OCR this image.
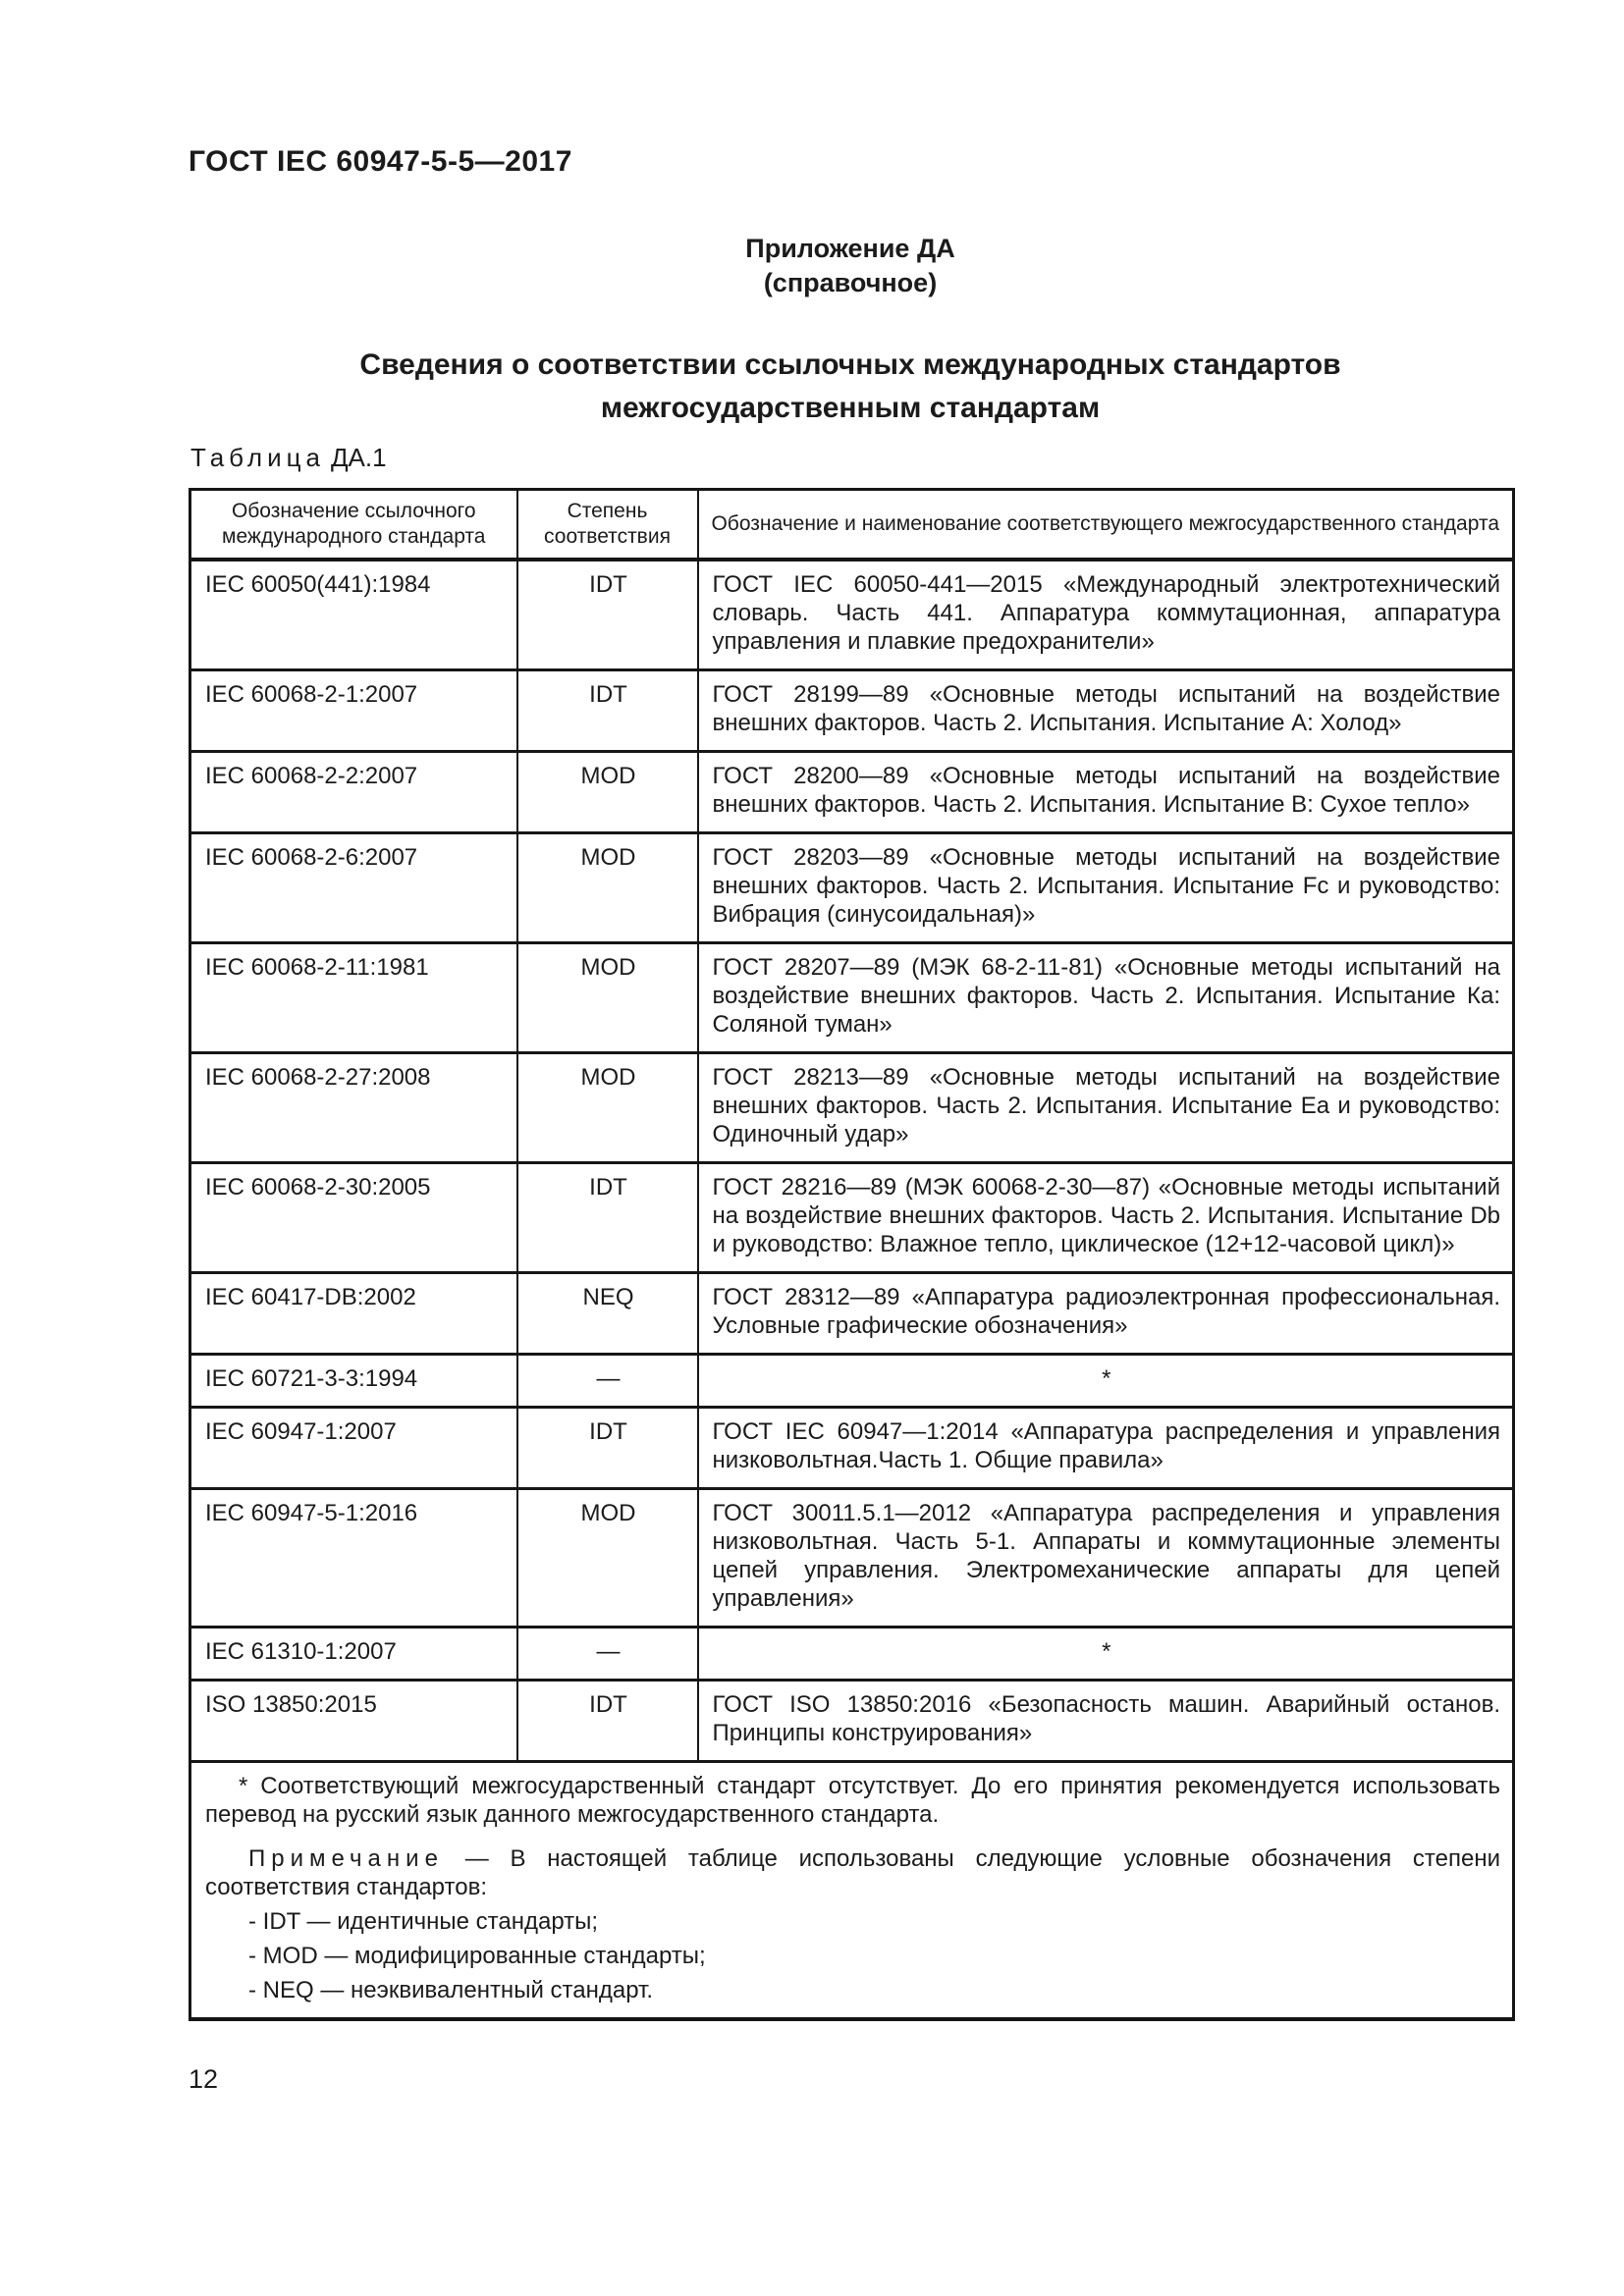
ГОСТ IEC 60947-5-5—2017
Приложение ДА
(справочное)
Сведения о соответствии ссылочных международных стандартов
межгосударственным стандартам
Таблица ДА.1
Обозначение ссылочного международного стандарта	Степень соответствия	Обозначение и наименование соответствующего межгосударственного стандарта
IEC 60050(441):1984	IDT	ГОСТ IEC 60050-441—2015 «Международный электротехнический словарь. Часть 441. Аппаратура коммутационная, аппаратура управления и плавкие предохранители»
IEC 60068-2-1:2007	IDT	ГОСТ 28199—89 «Основные методы испытаний на воздействие внешних факторов. Часть 2. Испытания. Испытание А: Холод»
IEC 60068-2-2:2007	MOD	ГОСТ 28200—89 «Основные методы испытаний на воздействие внешних факторов. Часть 2. Испытания. Испытание В: Сухое тепло»
IEC 60068-2-6:2007	MOD	ГОСТ 28203—89 «Основные методы испытаний на воздействие внешних факторов. Часть 2. Испытания. Испытание Fc и руководство: Вибрация (синусоидальная)»
IEC 60068-2-11:1981	MOD	ГОСТ 28207—89 (МЭК 68-2-11-81) «Основные методы испытаний на воздействие внешних факторов. Часть 2. Испытания. Испытание Ка: Соляной туман»
IEC 60068-2-27:2008	MOD	ГОСТ 28213—89 «Основные методы испытаний на воздействие внешних факторов. Часть 2. Испытания. Испытание Еа и руководство: Одиночный удар»
IEC 60068-2-30:2005	IDT	ГОСТ 28216—89 (МЭК 60068-2-30—87) «Основные методы испытаний на воздействие внешних факторов. Часть 2. Испытания. Испытание Db и руководство: Влажное тепло, циклическое (12+12-часовой цикл)»
IEC 60417-DB:2002	NEQ	ГОСТ 28312—89 «Аппаратура радиоэлектронная профессиональная. Условные графические обозначения»
IEC 60721-3-3:1994	—	*
IEC 60947-1:2007	IDT	ГОСТ IEC 60947—1:2014 «Аппаратура распределения и управления низковольтная.Часть 1. Общие правила»
IEC 60947-5-1:2016	MOD	ГОСТ 30011.5.1—2012 «Аппаратура распределения и управления низковольтная. Часть 5-1. Аппараты и коммутационные элементы цепей управления. Электромеханические аппараты для цепей управления»
IEC 61310-1:2007	—	*
ISO 13850:2015	IDT	ГОСТ ISO 13850:2016 «Безопасность машин. Аварийный останов. Принципы конструирования»

* Соответствующий межгосударственный стандарт отсутствует. До его принятия рекомендуется использовать перевод на русский язык данного межгосударственного стандарта.
Примечание — В настоящей таблице использованы следующие условные обозначения степени соответствия стандартов:
- IDT — идентичные стандарты;
- MOD — модифицированные стандарты;
- NEQ — неэквивалентный стандарт.		
12
